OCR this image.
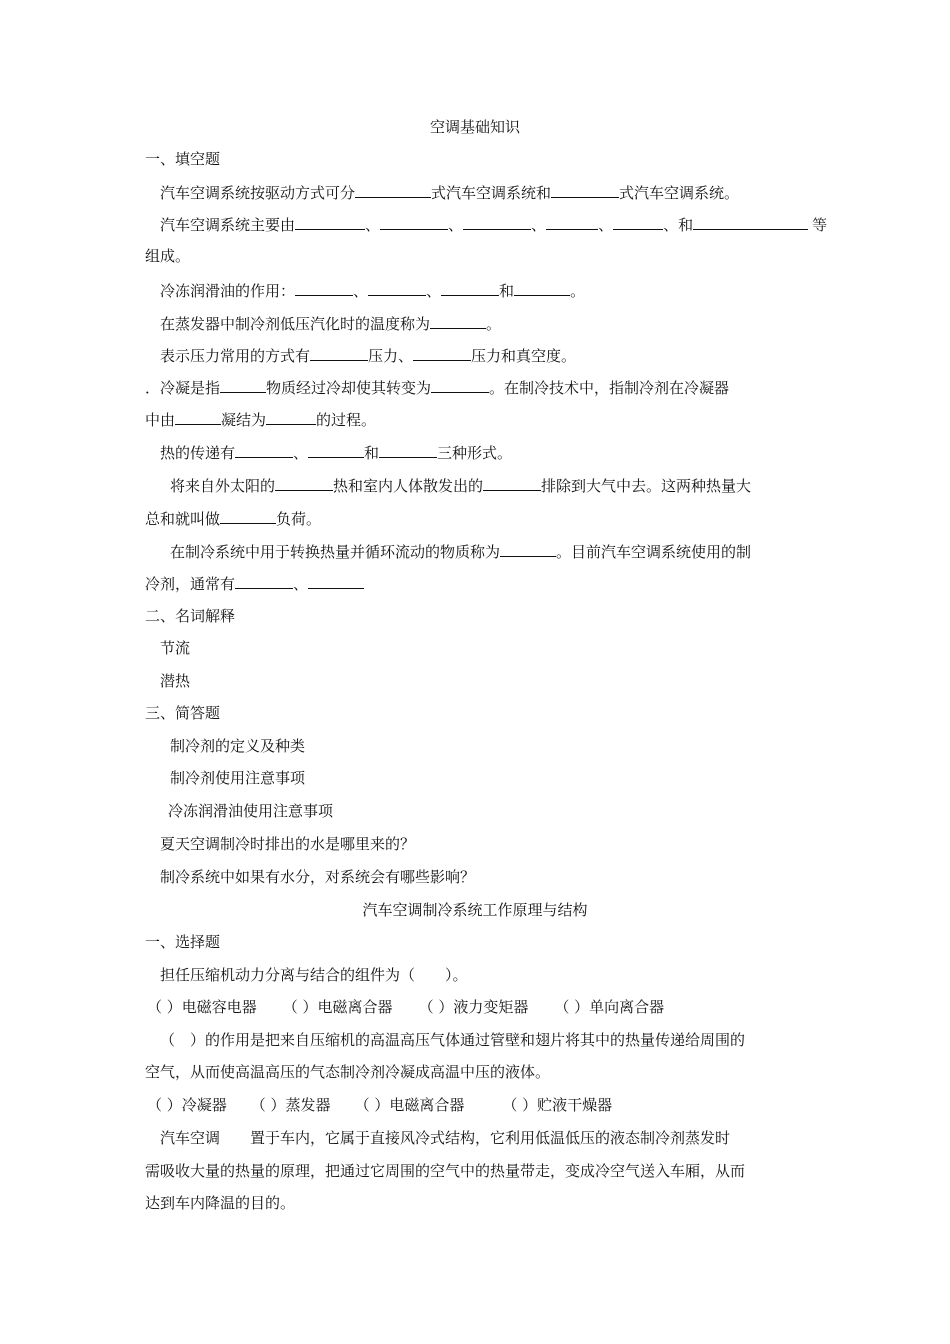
空调基础知识
一、填空题
汽车空调系统按驱动方式可分	式汽车空调系统和	式汽车空调系统。
汽车空调系统主要由	、	、	、	、	、和	等
组成。
冷冻润滑油的作用：	、	、	和	。
在蒸发器中制冷剂低压汽化时的温度称为	。
表示压力常用的方式有	压力、	压力和真空度。
．冷凝是指	物质经过冷却使其转变为	。在制冷技术中，指制冷剂在冷凝器
中由	凝结为	的过程。
热的传递有	、	和	三种形式。
将来自外太阳的	热和室内人体散发出的	排除到大气中去。这两种热量大
总和就叫做	负荷。
在制冷系统中用于转换热量并循环流动的物质称为	。目前汽车空调系统使用的制
冷剂，通常有	、
二、名词解释
节流
潜热
三、简答题
制冷剂的定义及种类
制冷剂使用注意事项
冷冻润滑油使用注意事项
夏天空调制冷时排出的水是哪里来的？
制冷系统中如果有水分，对系统会有哪些影响？
汽车空调制冷系统工作原理与结构
一、选择题
担任压缩机动力分离与结合的组件为（　　）。
（ ）电磁容电器 （ ）电磁离合器 （ ）液力变矩器 （ ）单向离合器
（　）的作用是把来自压缩机的高温高压气体通过管壁和翅片将其中的热量传递给周围的
空气，从而使高温高压的气态制冷剂冷凝成高温中压的液体。
（ ）冷凝器 （ ）蒸发器 （ ）电磁离合器	（ ）贮液干燥器
汽车空调 置于车内，它属于直接风冷式结构，它利用低温低压的液态制冷剂蒸发时
需吸收大量的热量的原理，把通过它周围的空气中的热量带走，变成冷空气送入车厢，从而
达到车内降温的目的。
